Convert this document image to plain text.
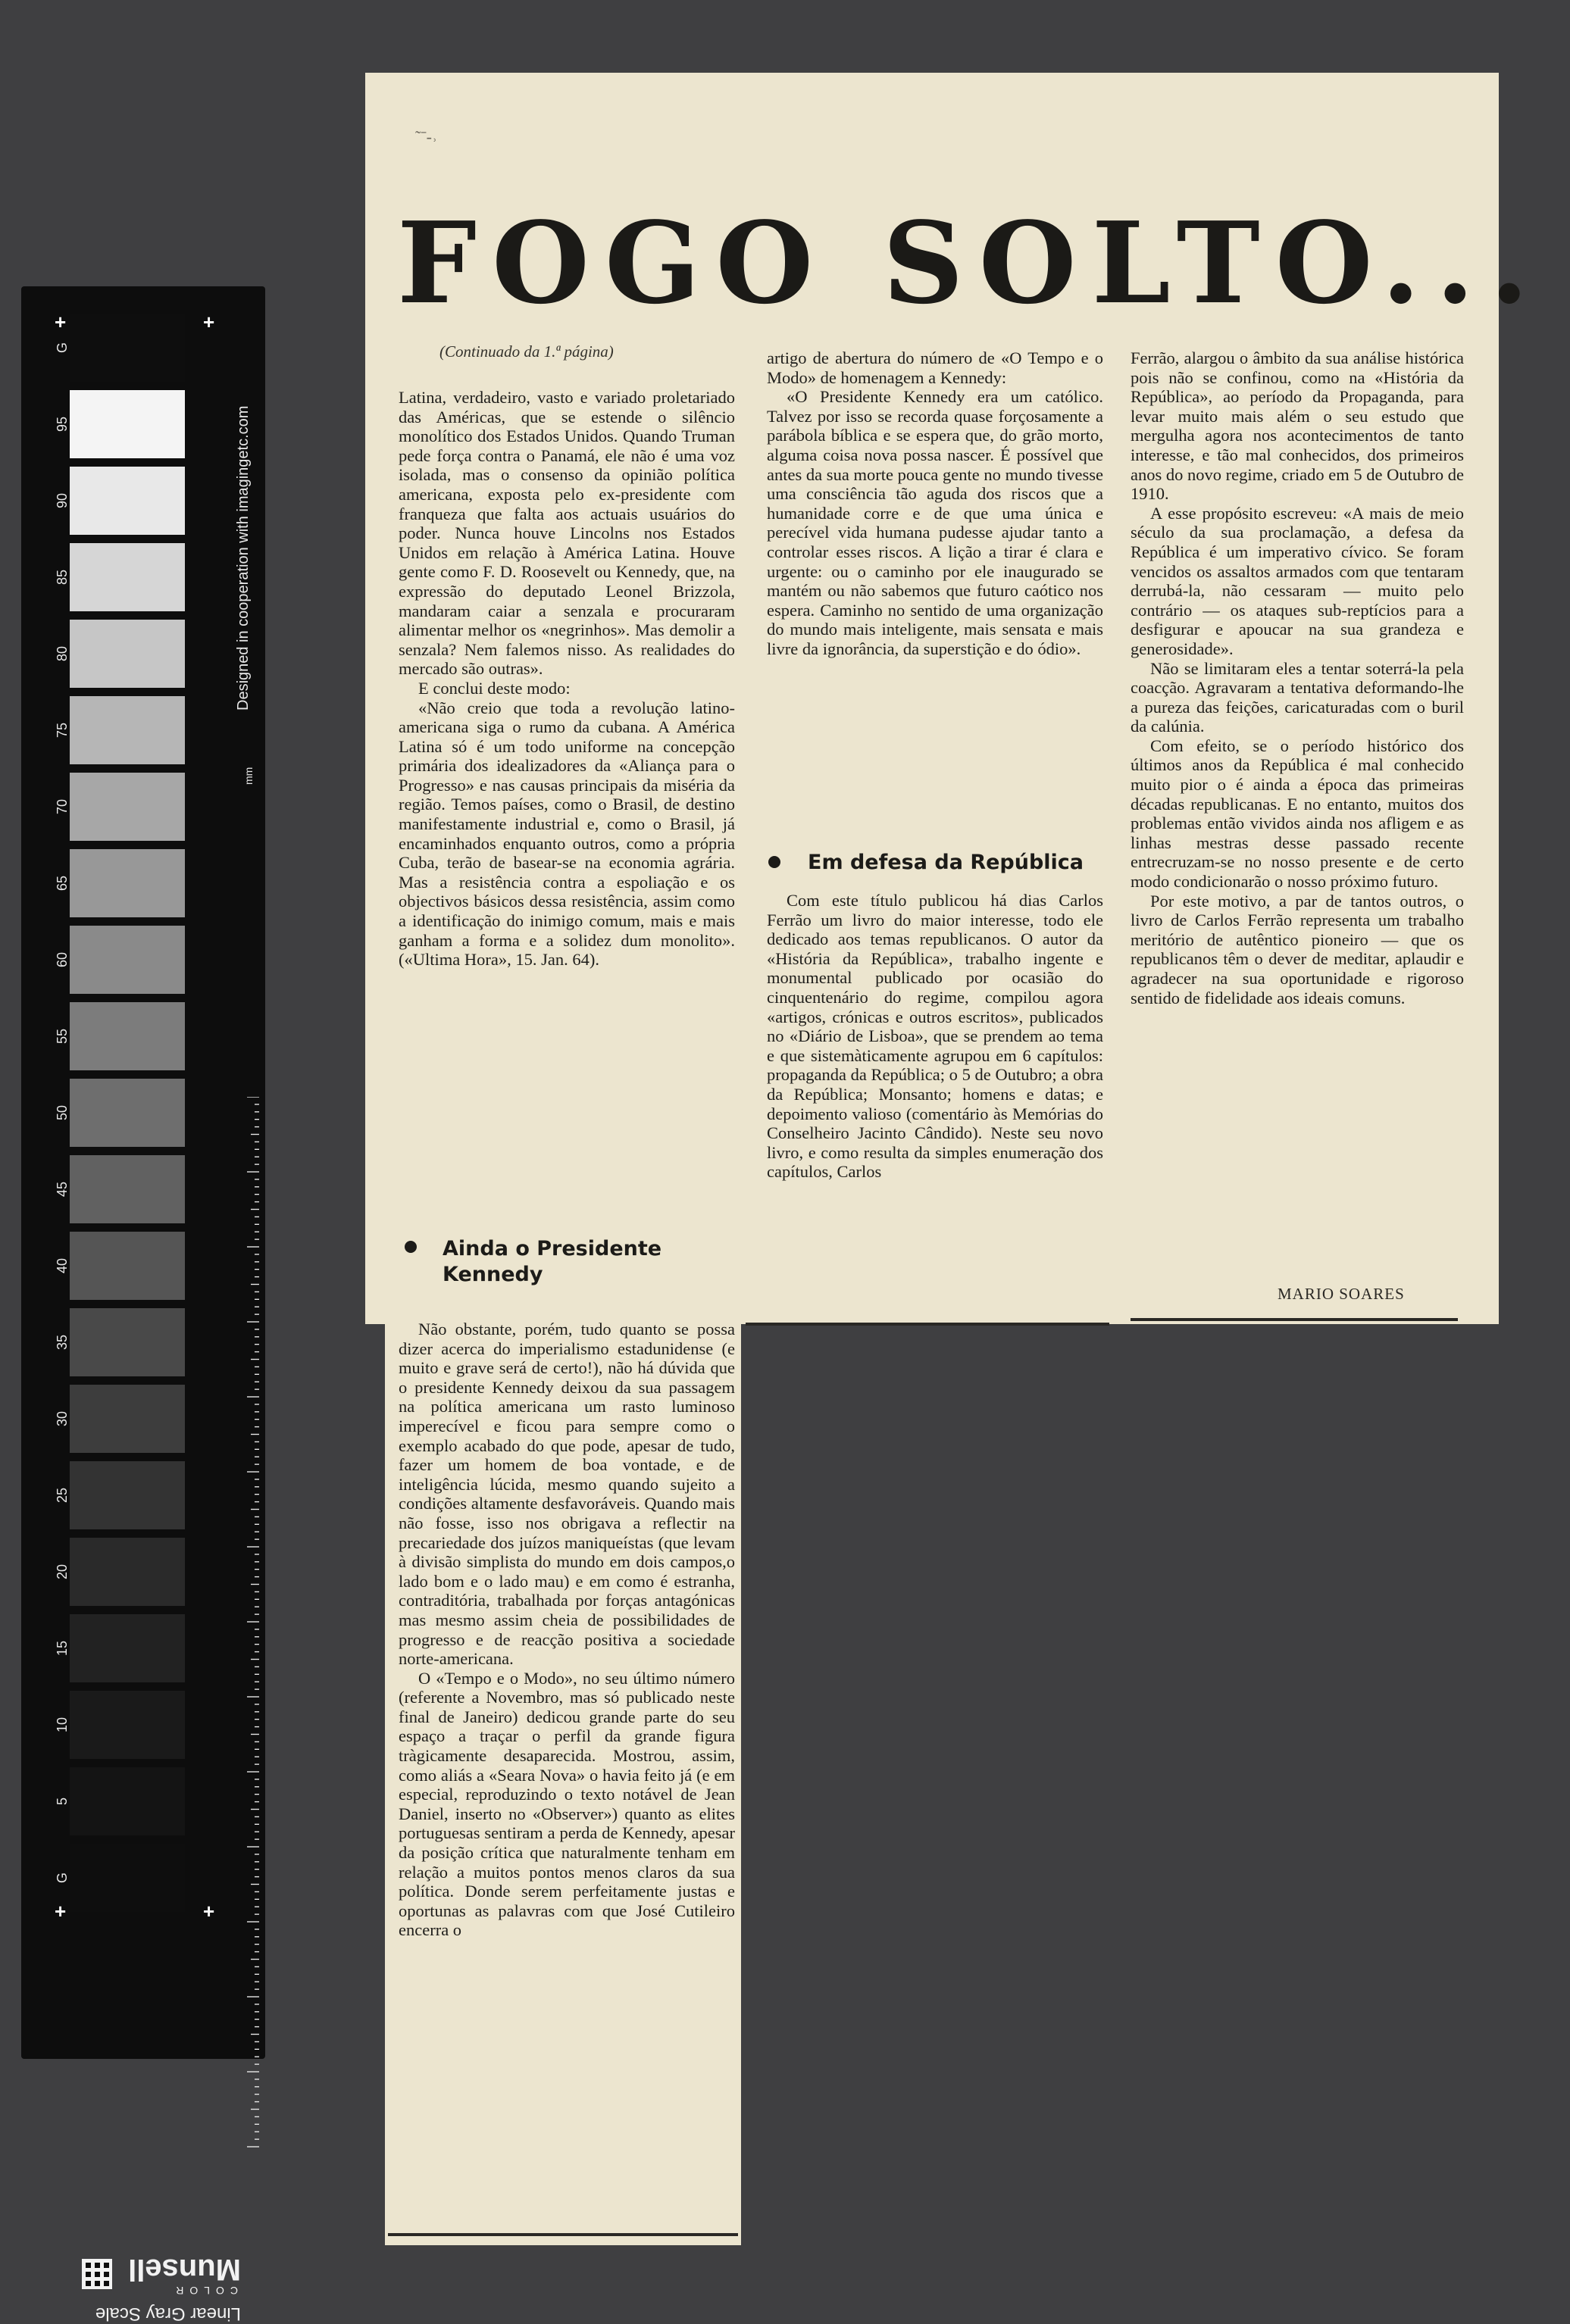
G
95
90
85
80
75
70
65
60
55
50
45
40
35
30
25
20
15
10
5
G
+	+
+	+
Designed in cooperation with imagingetc.com
mm
Linear Gray Scale
COLOR
Munsell
˜ˉ‑˒
FOGO SOLTO...
(Continuado da 1.ª página)

Latina, verdadeiro, vasto e variado proletariado das Américas, que se estende o silêncio monolítico dos Estados Unidos. Quando Truman pede força contra o Panamá, ele não é uma voz isolada, mas o consenso da opinião política americana, exposta pelo ex-presidente com franqueza que falta aos actuais usuários do poder. Nunca houve Lincolns nos Estados Unidos em relação à América Latina. Houve gente como F. D. Roosevelt ou Kennedy, que, na expressão do deputado Leonel Brizzola, mandaram caiar a senzala e procuraram alimentar melhor os «negrinhos». Mas demolir a senzala? Nem falemos nisso. As realidades do mercado são outras».

E conclui deste modo:

«Não creio que toda a revolução latino-americana siga o rumo da cubana. A América Latina só é um todo uniforme na concepção primária dos idealizadores da «Aliança para o Progresso» e nas causas principais da miséria da região. Temos países, como o Brasil, de destino manifestamente industrial e, como o Brasil, já encaminhados enquanto outros, como a própria Cuba, terão de basear-se na economia agrária. Mas a resistência contra a espoliação e os objectivos básicos dessa resistência, assim como a identificação do inimigo comum, mais e mais ganham a forma e a solidez dum monolito». («Ultima Hora», 15. Jan. 64).

Ainda o Presidente Kennedy

Não obstante, porém, tudo quanto se possa dizer acerca do imperialismo estadunidense (e muito e grave será de certo!), não há dúvida que o presidente Kennedy deixou da sua passagem na política americana um rasto luminoso imperecível e ficou para sempre como o exemplo acabado do que pode, apesar de tudo, fazer um homem de boa vontade, e de inteligência lúcida, mesmo quando sujeito a condições altamente desfavoráveis. Quando mais não fosse, isso nos obrigava a reflectir na precariedade dos juízos maniqueístas (que levam à divisão simplista do mundo em dois campos,o lado bom e o lado mau) e em como é estranha, contraditória, trabalhada por forças antagónicas mas mesmo assim cheia de possibilidades de progresso e de reacção positiva a sociedade norte-americana.

O «Tempo e o Modo», no seu último número (referente a Novembro, mas só publicado neste final de Janeiro) dedicou grande parte do seu espaço a traçar o perfil da grande figura tràgicamente desaparecida. Mostrou, assim, como aliás a «Seara Nova» o havia feito já (e em especial, reproduzindo o texto notável de Jean Daniel, inserto no «Observer») quanto as elites portuguesas sentiram a perda de Kennedy, apesar da posição crítica que naturalmente tenham em relação a muitos pontos menos claros da sua política. Donde serem perfeitamente justas e oportunas as palavras com que José Cutileiro encerra o

artigo de abertura do número de «O Tempo e o Modo» de homenagem a Kennedy:

«O Presidente Kennedy era um católico. Talvez por isso se recorda quase forçosamente a parábola bíblica e se espera que, do grão morto, alguma coisa nova possa nascer. É possível que antes da sua morte pouca gente no mundo tivesse uma consciência tão aguda dos riscos que a humanidade corre e de que uma única e perecível vida humana pudesse ajudar tanto a controlar esses riscos. A lição a tirar é clara e urgente: ou o caminho por ele inaugurado se mantém ou não sabemos que futuro caótico nos espera. Caminho no sentido de uma organização do mundo mais inteligente, mais sensata e mais livre da ignorância, da superstição e do ódio».

Em defesa da República

Com este título publicou há dias Carlos Ferrão um livro do maior interesse, todo ele dedicado aos temas republicanos. O autor da «História da República», trabalho ingente e monumental publicado por ocasião do cinquentenário do regime, compilou agora «artigos, crónicas e outros escritos», publicados no «Diário de Lisboa», que se prendem ao tema e que sistemàticamente agrupou em 6 capítulos: propaganda da República; o 5 de Outubro; a obra da República; Monsanto; homens e datas; e depoimento valioso (comentário às Memórias do Conselheiro Jacinto Cândido). Neste seu novo livro, e como resulta da simples enumeração dos capítulos, Carlos

Ferrão, alargou o âmbito da sua análise histórica pois não se confinou, como na «História da República», ao período da Propaganda, para levar muito mais além o seu estudo que mergulha agora nos acontecimentos de tanto interesse, e tão mal conhecidos, dos primeiros anos do novo regime, criado em 5 de Outubro de 1910.

A esse propósito escreveu: «A mais de meio século da sua proclamação, a defesa da República é um imperativo cívico. Se foram vencidos os assaltos armados com que tentaram derrubá-la, não cessaram — muito pelo contrário — os ataques sub-reptícios para a desfigurar e apoucar na sua grandeza e generosidade».

Não se limitaram eles a tentar soterrá-la pela coacção. Agravaram a tentativa deformando-lhe a pureza das feições, caricaturadas com o buril da calúnia.

Com efeito, se o período histórico dos últimos anos da República é mal conhecido muito pior o é ainda a época das primeiras décadas republicanas. E no entanto, muitos dos problemas então vividos ainda nos afligem e as linhas mestras desse passado recente entrecruzam-se no nosso presente e de certo modo condicionarão o nosso próximo futuro.

Por este motivo, a par de tantos outros, o livro de Carlos Ferrão representa um trabalho meritório de autêntico pioneiro — que os republicanos têm o dever de meditar, aplaudir e agradecer na sua oportunidade e rigoroso sentido de fidelidade aos ideais comuns.

MARIO SOARES
